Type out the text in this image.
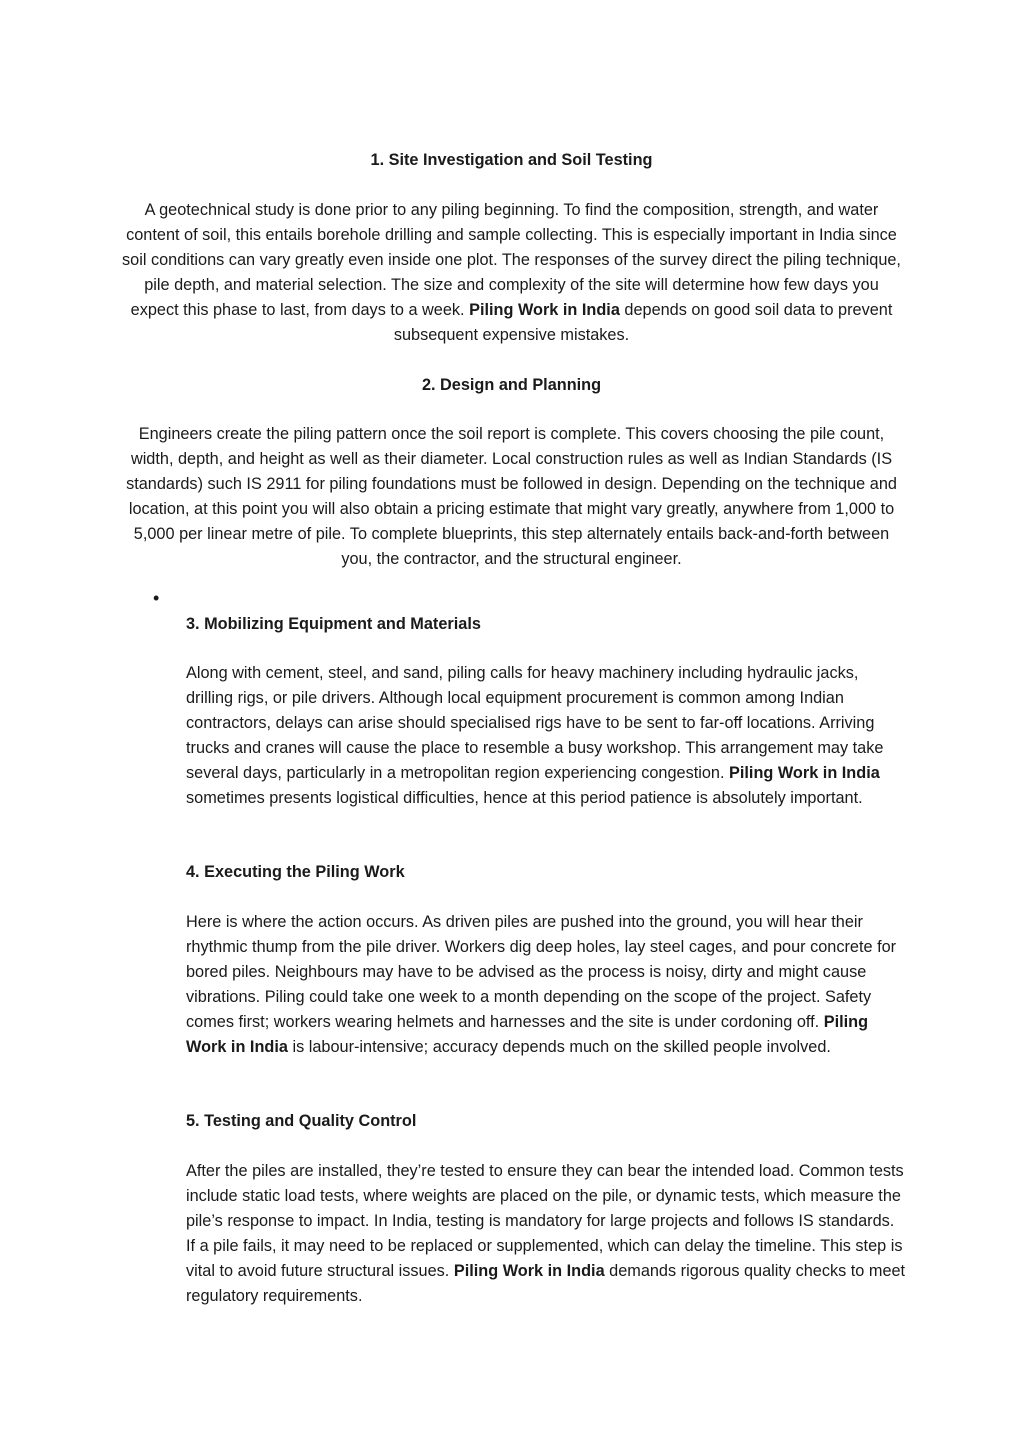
1. Site Investigation and Soil Testing
A geotechnical study is done prior to any piling beginning. To find the composition, strength, and water content of soil, this entails borehole drilling and sample collecting. This is especially important in India since soil conditions can vary greatly even inside one plot. The responses of the survey direct the piling technique, pile depth, and material selection. The size and complexity of the site will determine how few days you expect this phase to last, from days to a week. Piling Work in India depends on good soil data to prevent subsequent expensive mistakes.
2. Design and Planning
Engineers create the piling pattern once the soil report is complete. This covers choosing the pile count, width, depth, and height as well as their diameter. Local construction rules as well as Indian Standards (IS standards) such IS 2911 for piling foundations must be followed in design. Depending on the technique and location, at this point you will also obtain a pricing estimate that might vary greatly, anywhere from 1,000 to 5,000 per linear metre of pile. To complete blueprints, this step alternately entails back-and-forth between you, the contractor, and the structural engineer.
•
3. Mobilizing Equipment and Materials
Along with cement, steel, and sand, piling calls for heavy machinery including hydraulic jacks, drilling rigs, or pile drivers. Although local equipment procurement is common among Indian contractors, delays can arise should specialised rigs have to be sent to far-off locations. Arriving trucks and cranes will cause the place to resemble a busy workshop. This arrangement may take several days, particularly in a metropolitan region experiencing congestion. Piling Work in India sometimes presents logistical difficulties, hence at this period patience is absolutely important.
4. Executing the Piling Work
Here is where the action occurs. As driven piles are pushed into the ground, you will hear their rhythmic thump from the pile driver. Workers dig deep holes, lay steel cages, and pour concrete for bored piles. Neighbours may have to be advised as the process is noisy, dirty and might cause vibrations. Piling could take one week to a month depending on the scope of the project. Safety comes first; workers wearing helmets and harnesses and the site is under cordoning off. Piling Work in India is labour-intensive; accuracy depends much on the skilled people involved.
5. Testing and Quality Control
After the piles are installed, they’re tested to ensure they can bear the intended load. Common tests include static load tests, where weights are placed on the pile, or dynamic tests, which measure the pile’s response to impact. In India, testing is mandatory for large projects and follows IS standards. If a pile fails, it may need to be replaced or supplemented, which can delay the timeline. This step is vital to avoid future structural issues. Piling Work in India demands rigorous quality checks to meet regulatory requirements.
